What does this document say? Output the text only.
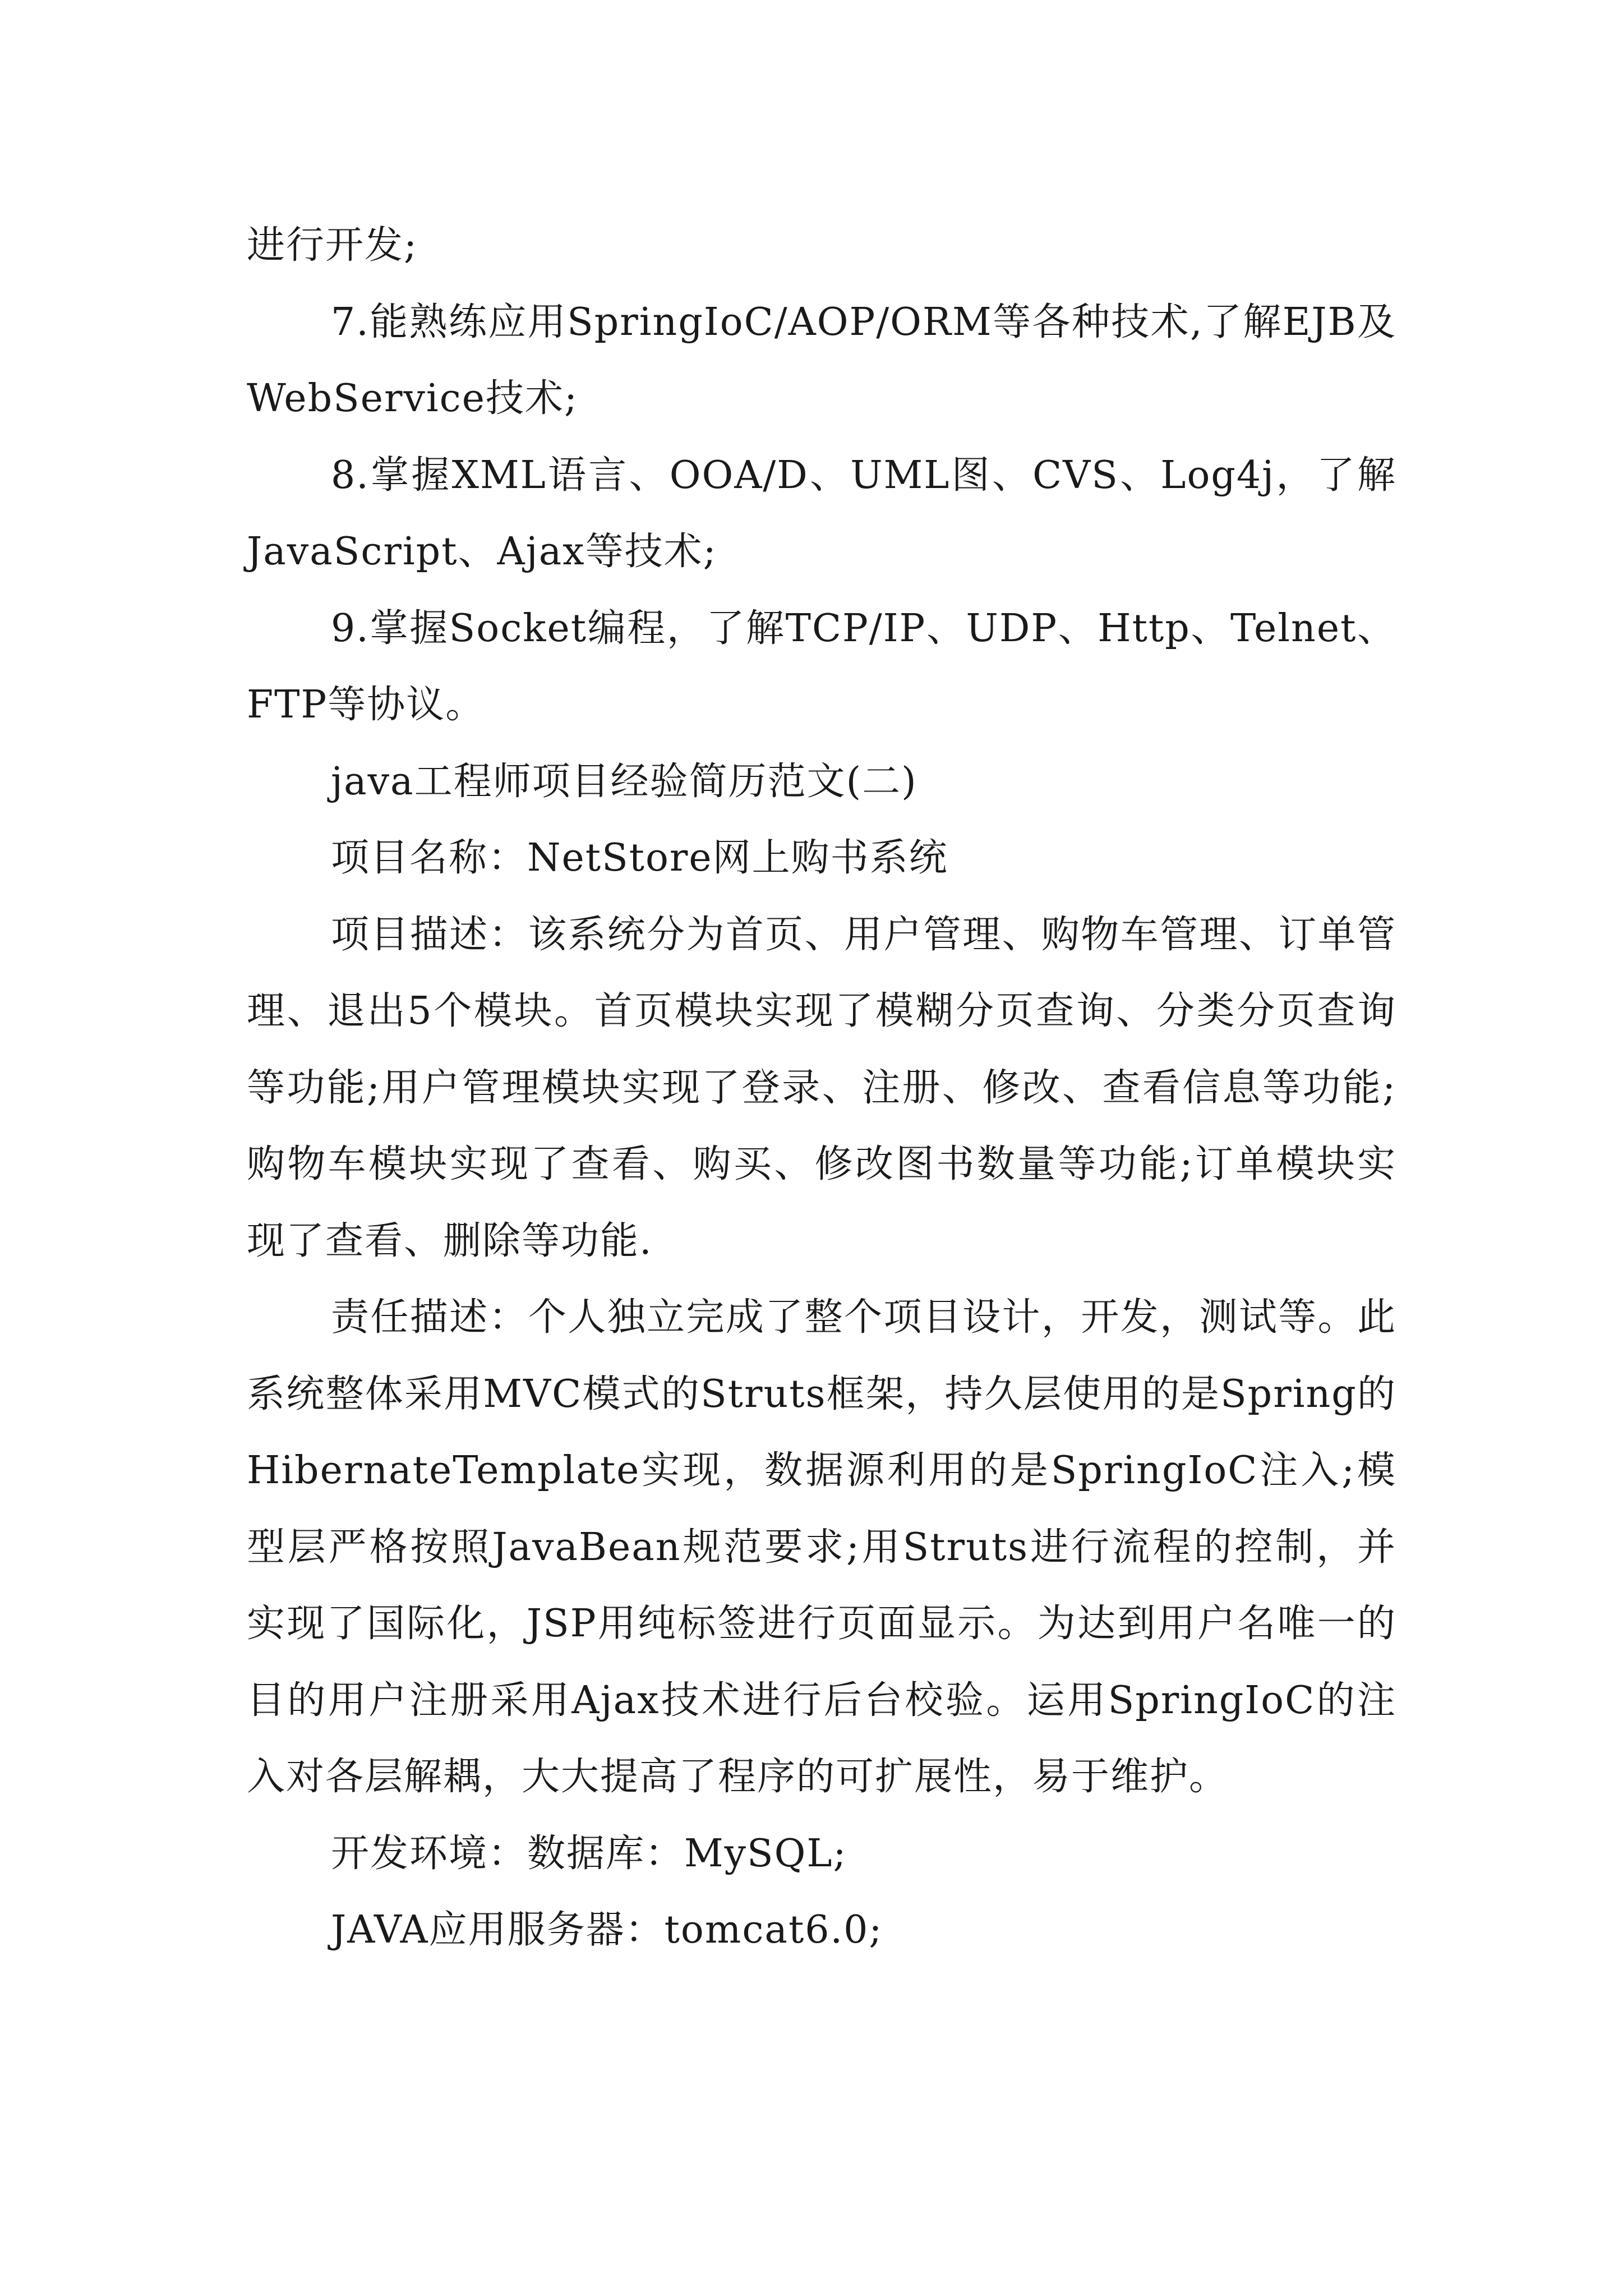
进行开发;

7.能熟练应用SpringIoC/AOP/ORM等各种技术,了解EJB及WebService技术;

8.掌握XML语言、OOA/D、UML图、CVS、Log4j，了解JavaScript、Ajax等技术;

9.掌握Socket编程，了解TCP/IP、UDP、Http、Telnet、FTP等协议。

java工程师项目经验简历范文(二)

项目名称：NetStore网上购书系统

项目描述：该系统分为首页、用户管理、购物车管理、订单管理、退出5个模块。首页模块实现了模糊分页查询、分类分页查询等功能;用户管理模块实现了登录、注册、修改、查看信息等功能;购物车模块实现了查看、购买、修改图书数量等功能;订单模块实现了查看、删除等功能.

责任描述：个人独立完成了整个项目设计，开发，测试等。此系统整体采用MVC模式的Struts框架，持久层使用的是Spring的HibernateTemplate实现，数据源利用的是SpringIoC注入;模型层严格按照JavaBean规范要求;用Struts进行流程的控制，并实现了国际化，JSP用纯标签进行页面显示。为达到用户名唯一的目的用户注册采用Ajax技术进行后台校验。运用SpringIoC的注入对各层解耦，大大提高了程序的可扩展性，易于维护。

开发环境：数据库：MySQL;

JAVA应用服务器：tomcat6.0;
